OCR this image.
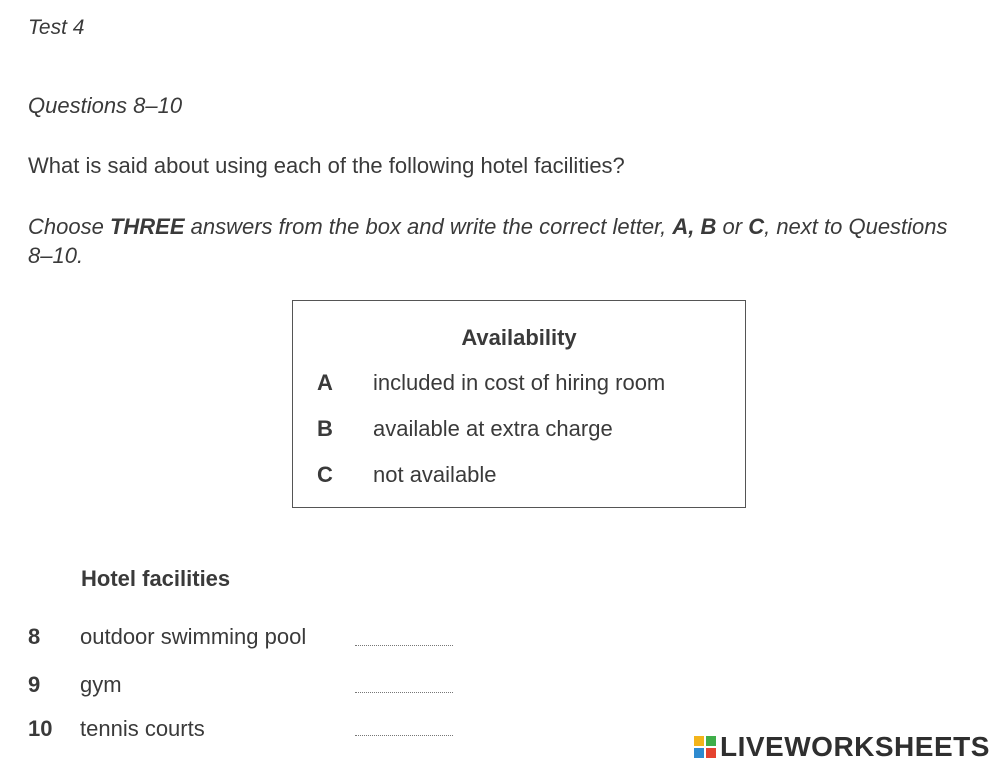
Test 4
Questions 8–10
What is said about using each of the following hotel facilities?
Choose THREE answers from the box and write the correct letter, A, B or C, next to Questions 8–10.
Availability
A included in cost of hiring room
B available at extra charge
C not available
Hotel facilities
8 outdoor swimming pool
9 gym
10 tennis courts
LIVEWORKSHEETS
